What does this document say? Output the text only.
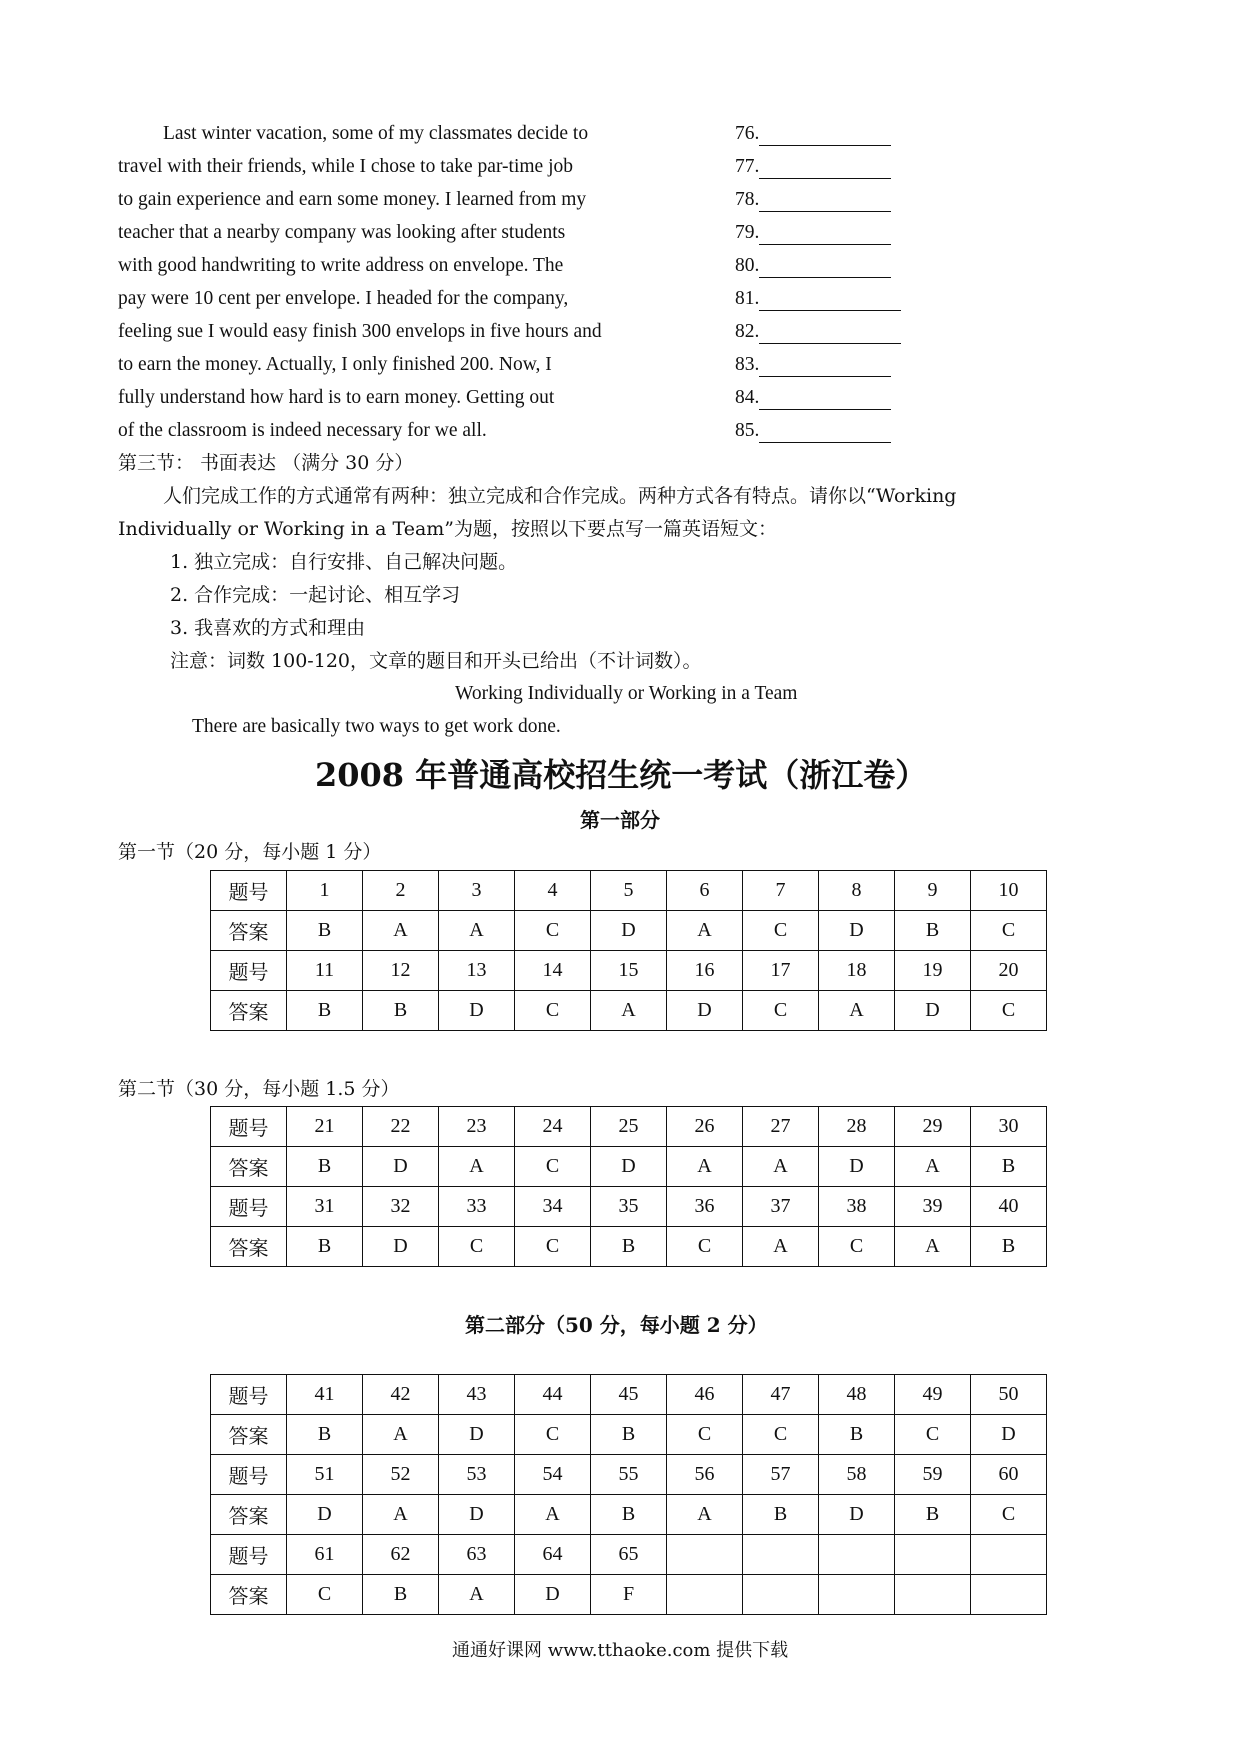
Last winter vacation, some of my classmates decide to
travel with their friends, while I chose to take par-time job
to gain experience and earn some money. I learned from my
teacher that a nearby company was looking after students
with good handwriting to write address on envelope. The
pay were 10 cent per envelope. I headed for the company,
feeling sue I would easy finish 300 envelops in five hours and
to earn the money. Actually, I only finished 200. Now, I
fully understand how hard is to earn money. Getting out
of the classroom is indeed necessary for we all.
76.
77.
78.
79.
80.
81.
82.
83.
84.
85.
第三节： 书面表达 （满分 30 分）
人们完成工作的方式通常有两种：独立完成和合作完成。两种方式各有特点。请你以“Working
Individually or Working in a Team”为题，按照以下要点写一篇英语短文：
1. 独立完成：自行安排、自己解决问题。
2. 合作完成：一起讨论、相互学习
3. 我喜欢的方式和理由
注意：词数 100-120，文章的题目和开头已给出（不计词数）。
Working Individually or Working in a Team
There are basically two ways to get work done.
2008 年普通高校招生统一考试（浙江卷）
第一部分
第一节（20 分，每小题 1 分）
题号	1	2	3	4	5	6	7	8	9	10
答案	B	A	A	C	D	A	C	D	B	C
题号	11	12	13	14	15	16	17	18	19	20
答案	B	B	D	C	A	D	C	A	D	C
第二节（30 分，每小题 1.5 分）
题号	21	22	23	24	25	26	27	28	29	30
答案	B	D	A	C	D	A	A	D	A	B
题号	31	32	33	34	35	36	37	38	39	40
答案	B	D	C	C	B	C	A	C	A	B
第二部分（50 分，每小题 2 分）
题号	41	42	43	44	45	46	47	48	49	50
答案	B	A	D	C	B	C	C	B	C	D
题号	51	52	53	54	55	56	57	58	59	60
答案	D	A	D	A	B	A	B	D	B	C
题号	61	62	63	64	65					
答案	C	B	A	D	F					
通通好课网 www.tthaoke.com 提供下载
